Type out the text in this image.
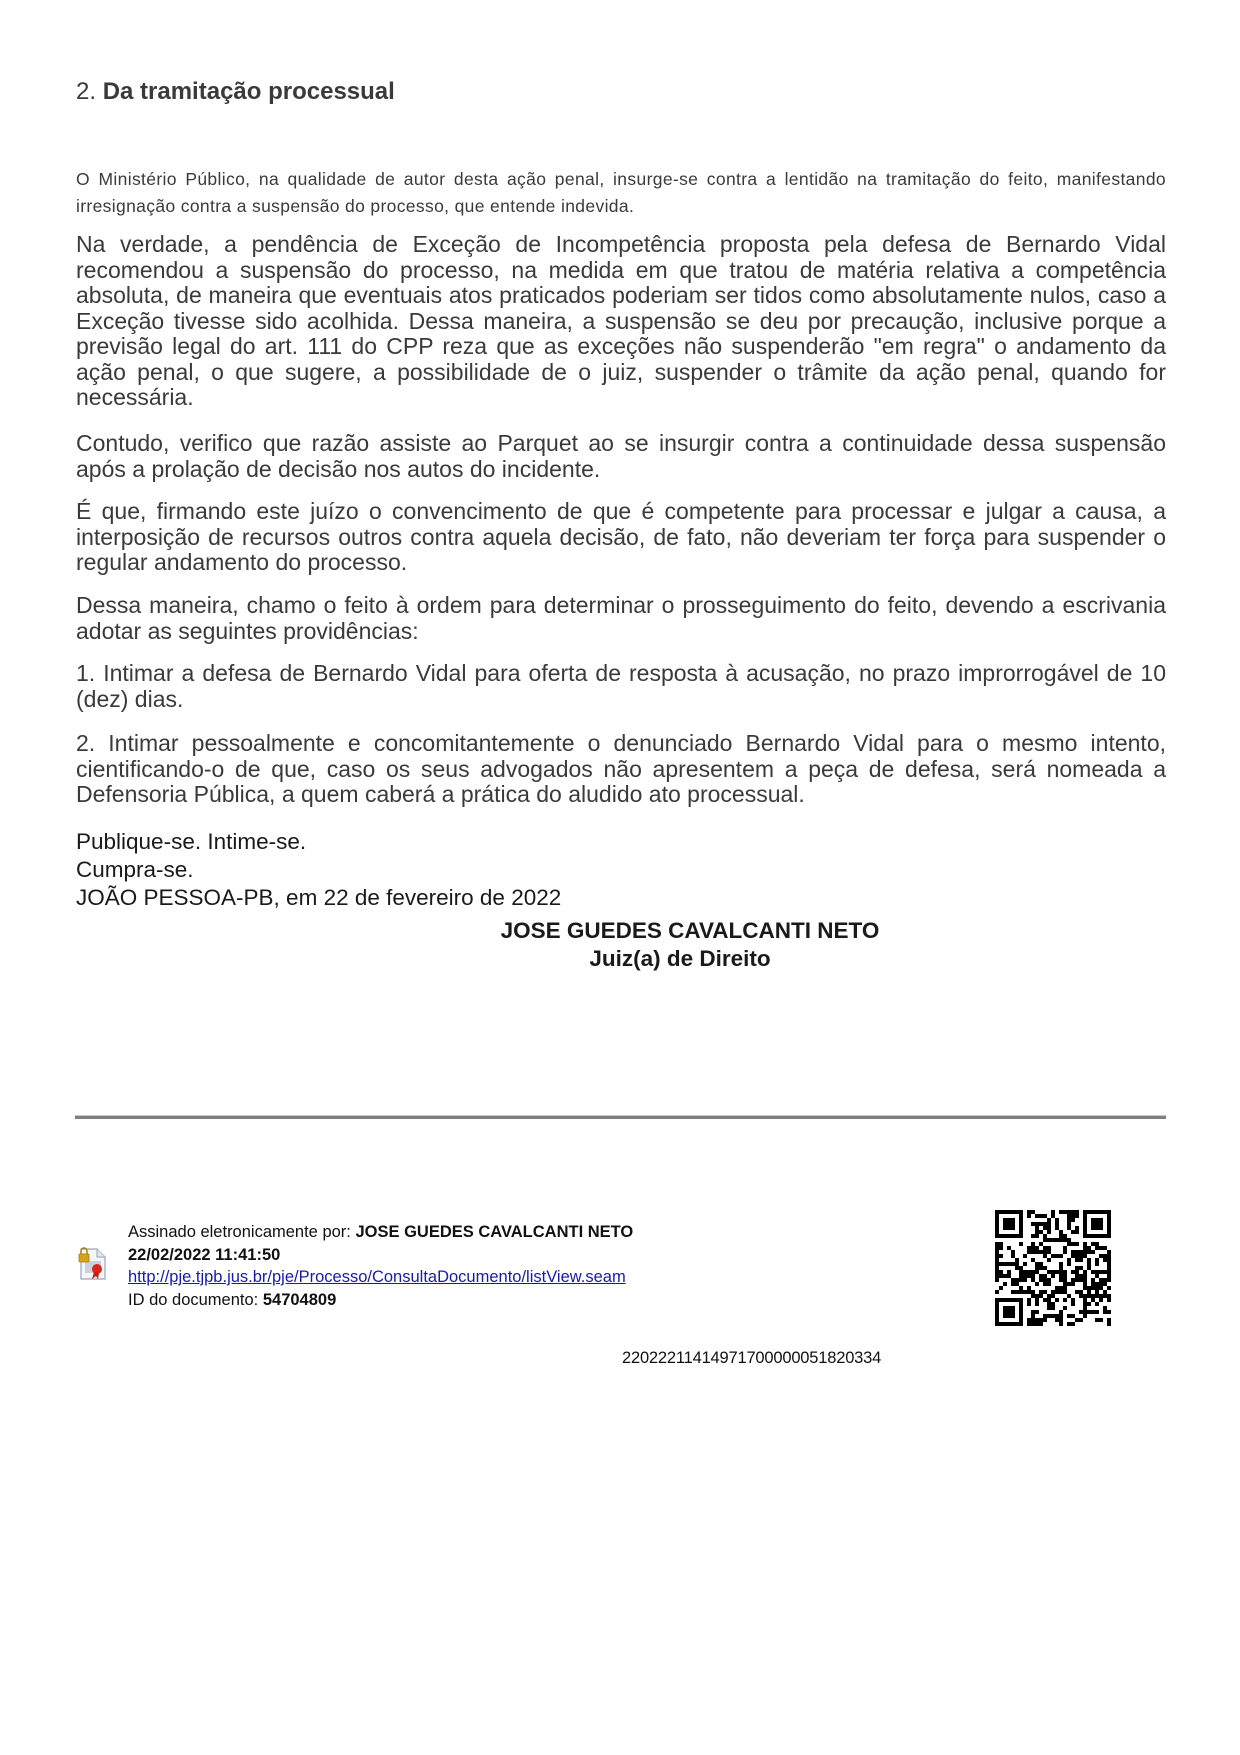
2. Da tramitação processual
O Ministério Público, na qualidade de autor desta ação penal, insurge-se contra a lentidão na tramitação do feito, manifestando irresignação contra a suspensão do processo, que entende indevida.

Na verdade, a pendência de Exceção de Incompetência proposta pela defesa de Bernardo Vidal recomendou a suspensão do processo, na medida em que tratou de matéria relativa a competência absoluta, de maneira que eventuais atos praticados poderiam ser tidos como absolutamente nulos, caso a Exceção tivesse sido acolhida. Dessa maneira, a suspensão se deu por precaução, inclusive porque a previsão legal do art. 111 do CPP reza que as exceções não suspenderão "em regra" o andamento da ação penal, o que sugere, a possibilidade de o juiz, suspender o trâmite da ação penal, quando for necessária.

Contudo, verifico que razão assiste ao Parquet ao se insurgir contra a continuidade dessa suspensão após a prolação de decisão nos autos do incidente.

É que, firmando este juízo o convencimento de que é competente para processar e julgar a causa, a interposição de recursos outros contra aquela decisão, de fato, não deveriam ter força para suspender o regular andamento do processo.

Dessa maneira, chamo o feito à ordem para determinar o prosseguimento do feito, devendo a escrivania adotar as seguintes providências:

1. Intimar a defesa de Bernardo Vidal para oferta de resposta à acusação, no prazo improrrogável de 10 (dez) dias.

2. Intimar pessoalmente e concomitantemente o denunciado Bernardo Vidal para o mesmo intento, cientificando-o de que, caso os seus advogados não apresentem a peça de defesa, será nomeada a Defensoria Pública, a quem caberá a prática do aludido ato processual.

Publique-se. Intime-se.
Cumpra-se.
JOÃO PESSOA-PB, em 22 de fevereiro de 2022
JOSE GUEDES CAVALCANTI NETO
Juiz(a) de Direito
Assinado eletronicamente por: JOSE GUEDES CAVALCANTI NETO
22/02/2022 11:41:50
http://pje.tjpb.jus.br/pje/Processo/ConsultaDocumento/listView.seam
ID do documento: 54704809
22022211414971700000051820334
